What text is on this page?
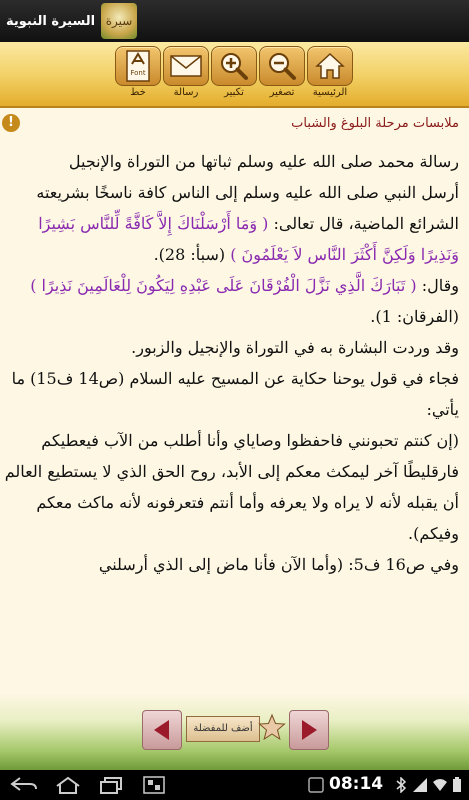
سيرة
السيرة النبوية
الرئيسية
تصغير
تكبير
رسالة
Font
خط
!	ملابسات مرحلة البلوغ والشباب

رسالة محمد صلى الله عليه وسلم ثباتها من التوراة والإنجيل

أرسل النبي صلى الله عليه وسلم إلى الناس كافة ناسخًا بشريعته الشرائع الماضية، قال تعالى: ( وَمَا أَرْسَلْنَاكَ إِلاَّ كَافَّةً لِّلنَّاس بَشِيرًا وَنَذِيرًا وَلَكِنَّ أَكْثَرَ النَّاس لاَ يَعْلَمُونَ ) (سبأ: 28).

وقال: ( تَبَارَكَ الَّذِي نَزَّلَ الْفُرْقَانَ عَلَى عَبْدِهِ لِيَكُونَ لِلْعَالَمِينَ نَذِيرًا ) (الفرقان: 1).

وقد وردت البشارة به في التوراة والإنجيل والزبور.

فجاء في قول يوحنا حكاية عن المسيح عليه السلام (ص14 ف15) ما يأتي:

(إن كنتم تحبونني فاحفظوا وصاياي وأنا أطلب من الآب فيعطيكم فارقليطًا آخر ليمكث معكم إلى الأبد، روح الحق الذي لا يستطيع العالم أن يقبله لأنه لا يراه ولا يعرفه وأما أنتم فتعرفونه لأنه ماكث معكم وفيكم).

وفي ص16 ف5: (وأما الآن فأنا ماض إلى الذي أرسلني

أضف للمفضلة
08:14
